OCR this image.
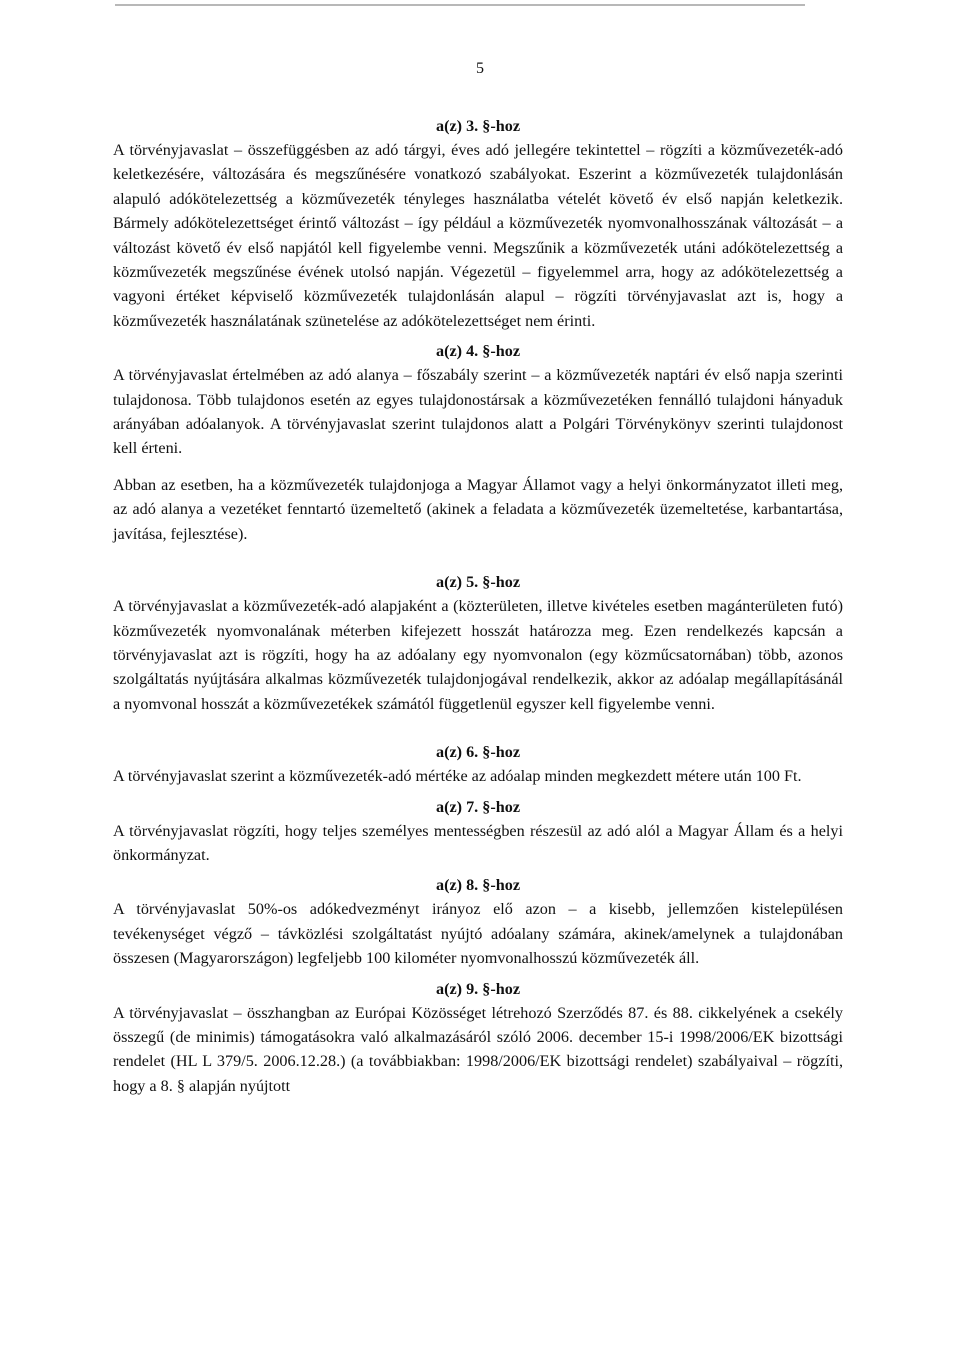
5

a(z) 3. §-hoz

A törvényjavaslat – összefüggésben az adó tárgyi, éves adó jellegére tekintettel – rögzíti a közművezeték-adó keletkezésére, változására és megszűnésére vonatkozó szabályokat. Eszerint a közművezeték tulajdonlásán alapuló adókötelezettség a közművezeték tényleges használatba vételét követő év első napján keletkezik. Bármely adókötelezettséget érintő változást – így például a közművezeték nyomvonalhosszának változását – a változást követő év első napjától kell figyelembe venni. Megszűnik a közművezeték utáni adókötelezettség a közművezeték megszűnése évének utolsó napján. Végezetül – figyelemmel arra, hogy az adókötelezettség a vagyoni értéket képviselő közművezeték tulajdonlásán alapul – rögzíti törvényjavaslat azt is, hogy a közművezeték használatának szünetelése az adókötelezettséget nem érinti.

a(z) 4. §-hoz

A törvényjavaslat értelmében az adó alanya – főszabály szerint – a közművezeték naptári év első napja szerinti tulajdonosa. Több tulajdonos esetén az egyes tulajdonostársak a közművezetéken fennálló tulajdoni hányaduk arányában adóalanyok. A törvényjavaslat szerint tulajdonos alatt a Polgári Törvénykönyv szerinti tulajdonost kell érteni.

Abban az esetben, ha a közművezeték tulajdonjoga a Magyar Államot vagy a helyi önkormányzatot illeti meg, az adó alanya a vezetéket fenntartó üzemeltető (akinek a feladata a közművezeték üzemeltetése, karbantartása, javítása, fejlesztése).

a(z) 5. §-hoz

A törvényjavaslat a közművezeték-adó alapjaként a (közterületen, illetve kivételes esetben magánterületen futó) közművezeték nyomvonalának méterben kifejezett hosszát határozza meg. Ezen rendelkezés kapcsán a törvényjavaslat azt is rögzíti, hogy ha az adóalany egy nyomvonalon (egy közműcsatornában) több, azonos szolgáltatás nyújtására alkalmas közművezeték tulajdonjogával rendelkezik, akkor az adóalap megállapításánál a nyomvonal hosszát a közművezetékek számától függetlenül egyszer kell figyelembe venni.

a(z) 6. §-hoz

A törvényjavaslat szerint a közművezeték-adó mértéke az adóalap minden megkezdett métere után 100 Ft.

a(z) 7. §-hoz

A törvényjavaslat rögzíti, hogy teljes személyes mentességben részesül az adó alól a Magyar Állam és a helyi önkormányzat.

a(z) 8. §-hoz

A törvényjavaslat 50%-os adókedvezményt irányoz elő azon – a kisebb, jellemzően kistelepülésen tevékenységet végző – távközlési szolgáltatást nyújtó adóalany számára, akinek/amelynek a tulajdonában összesen (Magyarországon) legfeljebb 100 kilométer nyomvonalhosszú közművezeték áll.

a(z) 9. §-hoz

A törvényjavaslat – összhangban az Európai Közösséget létrehozó Szerződés 87. és 88. cikkelyének a csekély összegű (de minimis) támogatásokra való alkalmazásáról szóló 2006. december 15-i 1998/2006/EK bizottsági rendelet (HL L 379/5. 2006.12.28.) (a továbbiakban: 1998/2006/EK bizottsági rendelet) szabályaival – rögzíti, hogy a 8. § alapján nyújtott
